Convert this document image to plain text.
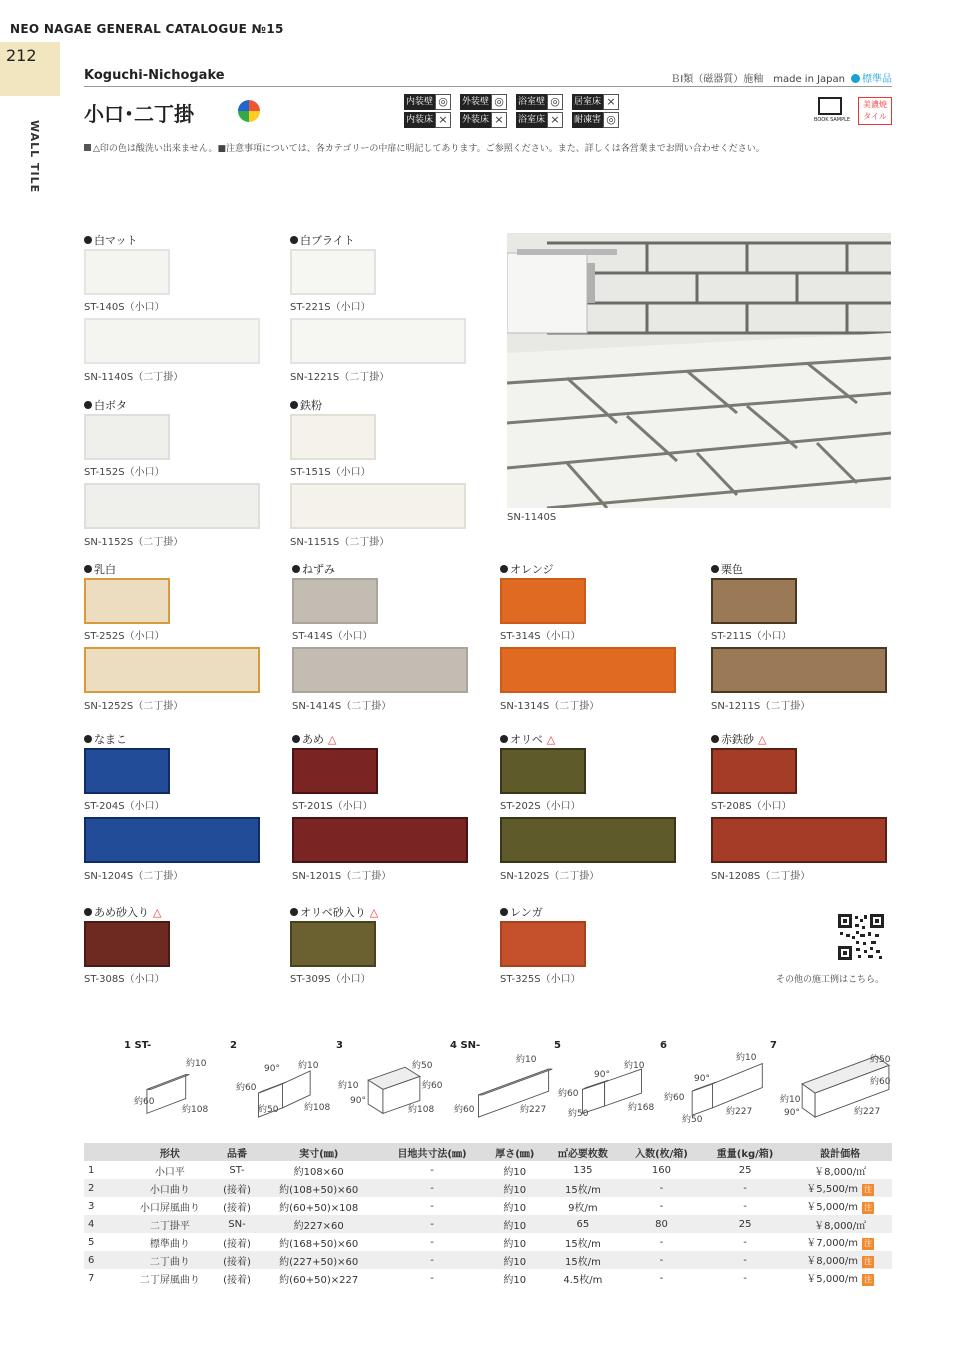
NEO NAGAE GENERAL CATALOGUE №15
212
WALL TILE
Koguchi-Nichogake	ＢⅠ類（磁器質）施釉　made in Japan 標準品
小口･二丁掛	内装壁 ◎	外装壁 ◎	浴室壁 ◎	居室床 ×
内装床 ×	外装床 ×	浴室床 ×	耐凍害 ◎	BOOK SAMPLE
美濃焼
タイル
△印の色は酸洗い出来ません。■注意事項については、各カテゴリーの中扉に明記してあります。ご参照ください。また、詳しくは各営業までお問い合わせください。
白マット
ST-140S（小口）
SN-1140S（二丁掛）
白ブライト
ST-221S（小口）
SN-1221S（二丁掛）
白ボタ
ST-152S（小口）
SN-1152S（二丁掛）
鉄粉
ST-151S（小口）
SN-1151S（二丁掛）
乳白
ST-252S（小口）
SN-1252S（二丁掛）
ねずみ
ST-414S（小口）
SN-1414S（二丁掛）
オレンジ
ST-314S（小口）
SN-1314S（二丁掛）
栗色
ST-211S（小口）
SN-1211S（二丁掛）
なまこ
ST-204S（小口）
SN-1204S（二丁掛）
あめ △
ST-201S（小口）
SN-1201S（二丁掛）
オリベ △
ST-202S（小口）
SN-1202S（二丁掛）
赤鉄砂 △
ST-208S（小口）
SN-1208S（二丁掛）
あめ砂入り △
ST-308S（小口）
オリベ砂入り △
ST-309S（小口）
レンガ
ST-325S（小口）
SN-1140S
その他の施工例はこちら。
1 ST-
約10
約60
約108
2
90° 約10
約60
約50	約108
3
約50
約10	約60
90°
約108
4 SN-
約10
約60	約227
5
90°
約10
約60
約50
約168
6
約10
90°
約60
約50
約227
7
約50
約60
約10
90°	約227
	形状	品番	実寸(㎜)	目地共寸法(㎜)	厚さ(㎜)	㎡必要枚数	入数(枚/箱)	重量(kg/箱)	設計価格
1	小口平	ST-	約108×60	-	約10	135	160	25	￥8,000/㎡
2	小口曲り	(接着)	約(108+50)×60	-	約10	15枚/m	-	-	￥5,500/m 注
3	小口屏風曲り	(接着)	約(60+50)×108	-	約10	9枚/m	-	-	￥5,000/m 注
4	二丁掛平	SN-	約227×60	-	約10	65	80	25	￥8,000/㎡
5	標準曲り	(接着)	約(168+50)×60	-	約10	15枚/m	-	-	￥7,000/m 注
6	二丁曲り	(接着)	約(227+50)×60	-	約10	15枚/m	-	-	￥8,000/m 注
7	二丁屏風曲り	(接着)	約(60+50)×227	-	約10	4.5枚/m	-	-	￥5,000/m 注
